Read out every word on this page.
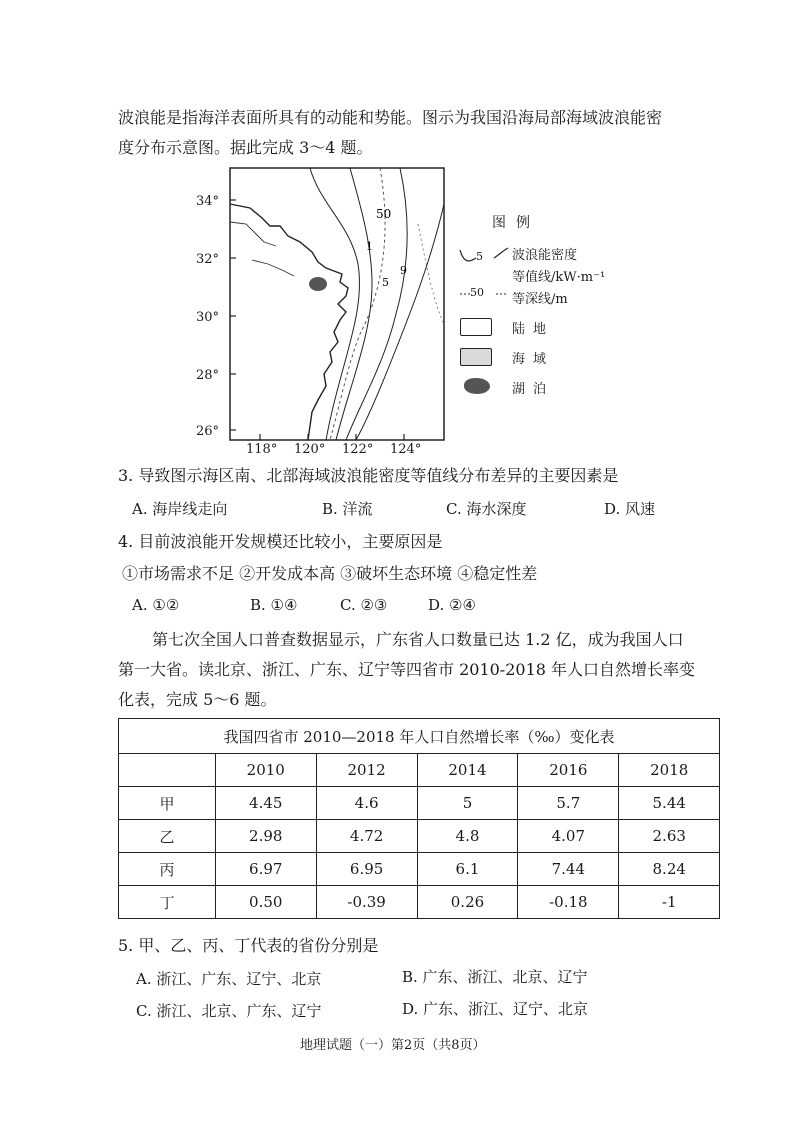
波浪能是指海洋表面所具有的动能和势能。图示为我国沿海局部海域波浪能密

度分布示意图。据此完成 3～4 题。

50
1
5
9
34°
32°
30°
28°
26°
118° 120° 122° 124°
图例
5 波浪能密度
等值线/kW·m⁻¹
50 等深线/m
陆地
海域
湖泊

3. 导致图示海区南、北部海域波浪能密度等值线分布差异的主要因素是

A. 海岸线走向	B. 洋流	C. 海水深度	D. 风速

4. 目前波浪能开发规模还比较小，主要原因是

①市场需求不足 ②开发成本高 ③破坏生态环境 ④稳定性差

A. ①②	B. ①④	C. ②③	D. ②④

第七次全国人口普查数据显示，广东省人口数量已达 1.2 亿，成为我国人口

第一大省。读北京、浙江、广东、辽宁等四省市 2010-2018 年人口自然增长率变

化表，完成 5～6 题。

我国四省市 2010—2018 年人口自然增长率（‰）变化表					
	2010	2012	2014	2016	2018
甲	4.45	4.6	5	5.7	5.44
乙	2.98	4.72	4.8	4.07	2.63
丙	6.97	6.95	6.1	7.44	8.24
丁	0.50	-0.39	0.26	-0.18	-1

5. 甲、乙、丙、丁代表的省份分别是

A. 浙江、广东、辽宁、北京	B. 广东、浙江、北京、辽宁
C. 浙江、北京、广东、辽宁	D. 广东、浙江、辽宁、北京
地理试题（一）第2页（共8页）
